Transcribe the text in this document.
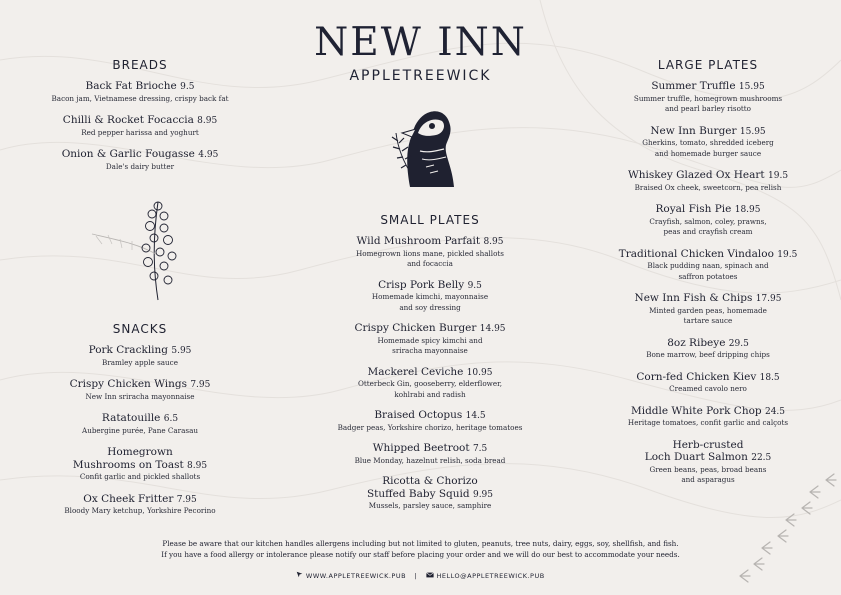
NEW INN
APPLETREEWICK
BREADS
Back Fat Brioche 9.5
Bacon jam, Vietnamese dressing, crispy back fat
Chilli & Rocket Focaccia 8.95
Red pepper harissa and yoghurt
Onion & Garlic Fougasse 4.95
Dale's dairy butter
SNACKS
Pork Crackling 5.95
Bramley apple sauce
Crispy Chicken Wings 7.95
New Inn sriracha mayonnaise
Ratatouille 6.5
Aubergine purée, Pane Carasau
Homegrown
Mushrooms on Toast 8.95
Confit garlic and pickled shallots
Ox Cheek Fritter 7.95
Bloody Mary ketchup, Yorkshire Pecorino
SMALL PLATES
Wild Mushroom Parfait 8.95
Homegrown lions mane, pickled shallots
and focaccia
Crisp Pork Belly 9.5
Homemade kimchi, mayonnaise
and soy dressing
Crispy Chicken Burger 14.95
Homemade spicy kimchi and
sriracha mayonnaise
Mackerel Ceviche 10.95
Otterbeck Gin, gooseberry, elderflower,
kohlrabi and radish
Braised Octopus 14.5
Badger peas, Yorkshire chorizo, heritage tomatoes
Whipped Beetroot 7.5
Blue Monday, hazelnut relish, soda bread
Ricotta & Chorizo
Stuffed Baby Squid 9.95
Mussels, parsley sauce, samphire
LARGE PLATES
Summer Truffle 15.95
Summer truffle, homegrown mushrooms
and pearl barley risotto
New Inn Burger 15.95
Gherkins, tomato, shredded iceberg
and homemade burger sauce
Whiskey Glazed Ox Heart 19.5
Braised Ox cheek, sweetcorn, pea relish
Royal Fish Pie 18.95
Crayfish, salmon, coley, prawns,
peas and crayfish cream
Traditional Chicken Vindaloo 19.5
Black pudding naan, spinach and
saffron potatoes
New Inn Fish & Chips 17.95
Minted garden peas, homemade
tartare sauce
8oz Ribeye 29.5
Bone marrow, beef dripping chips
Corn-fed Chicken Kiev 18.5
Creamed cavolo nero
Middle White Pork Chop 24.5
Heritage tomatoes, confit garlic and calçots
Herb-crusted
Loch Duart Salmon 22.5
Green beans, peas, broad beans
and asparagus
Please be aware that our kitchen handles allergens including but not limited to gluten, peanuts, tree nuts, dairy, eggs, soy, shellfish, and fish.
If you have a food allergy or intolerance please notify our staff before placing your order and we will do our best to accommodate your needs.
WWW.APPLETREEWICK.PUB |	HELLO@APPLETREEWICK.PUB
